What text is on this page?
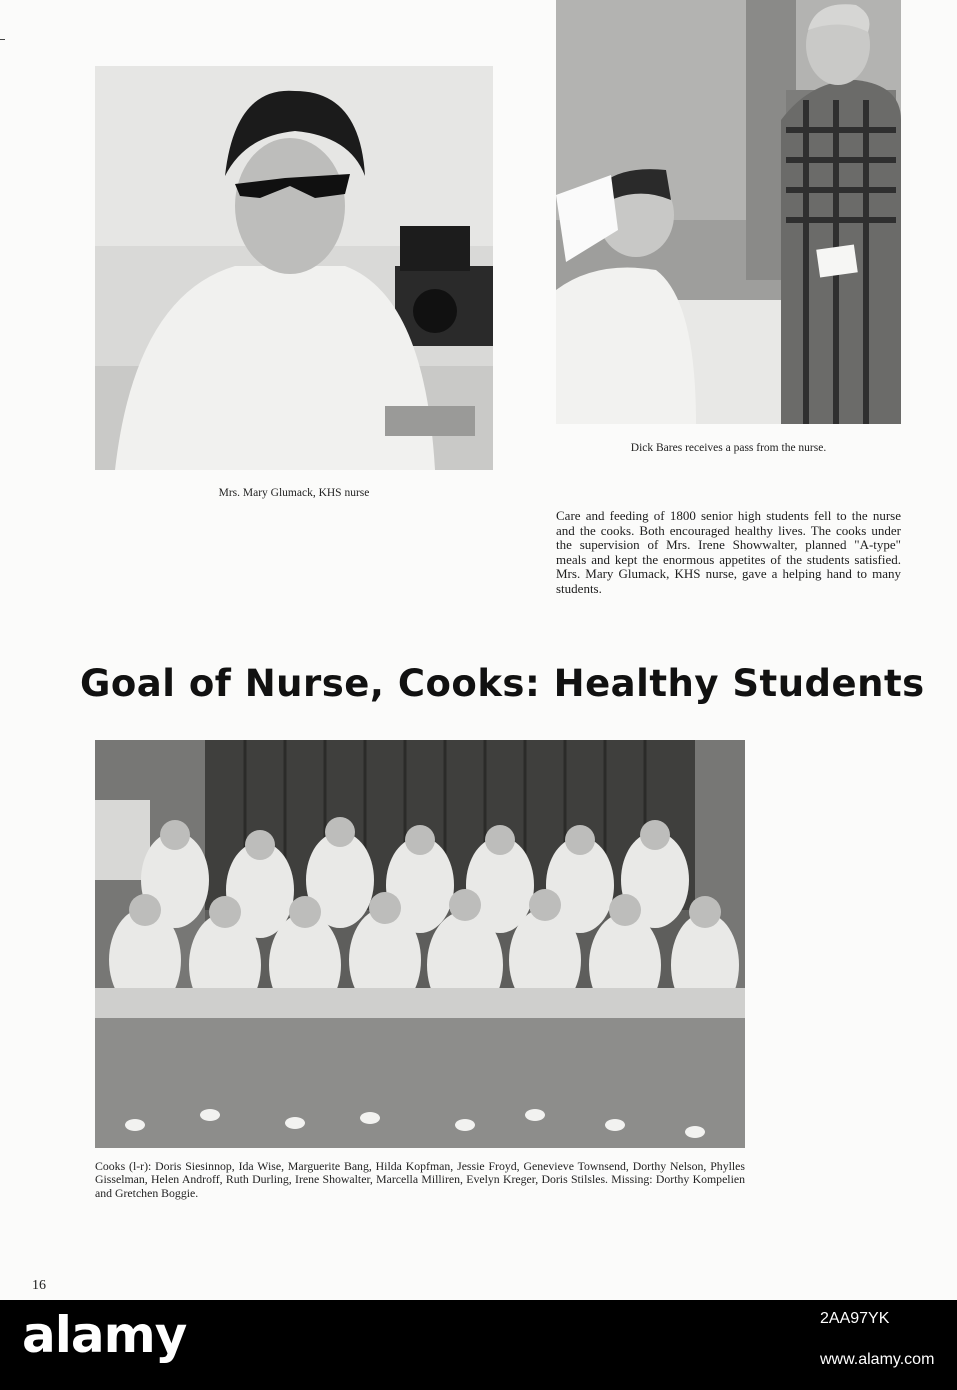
Mrs. Mary Glumack, KHS nurse
Dick Bares receives a pass from the nurse.
Care and feeding of 1800 senior high students fell to the nurse and the cooks. Both encouraged healthy lives. The cooks under the supervision of Mrs. Irene Showwalter, planned "A-type" meals and kept the enormous appetites of the students satisfied. Mrs. Mary Glumack, KHS nurse, gave a helping hand to many students.
Goal of Nurse, Cooks: Healthy Students
Cooks (l-r): Doris Siesinnop, Ida Wise, Marguerite Bang, Hilda Kopfman, Jessie Froyd, Genevieve Townsend, Dorthy Nelson, Phylles Gisselman, Helen Androff, Ruth Durling, Irene Showalter, Marcella Milliren, Evelyn Kreger, Doris Stilsles. Missing: Dorthy Kompelien and Gretchen Boggie.
16
alamy	2AA97YK
www.alamy.com
